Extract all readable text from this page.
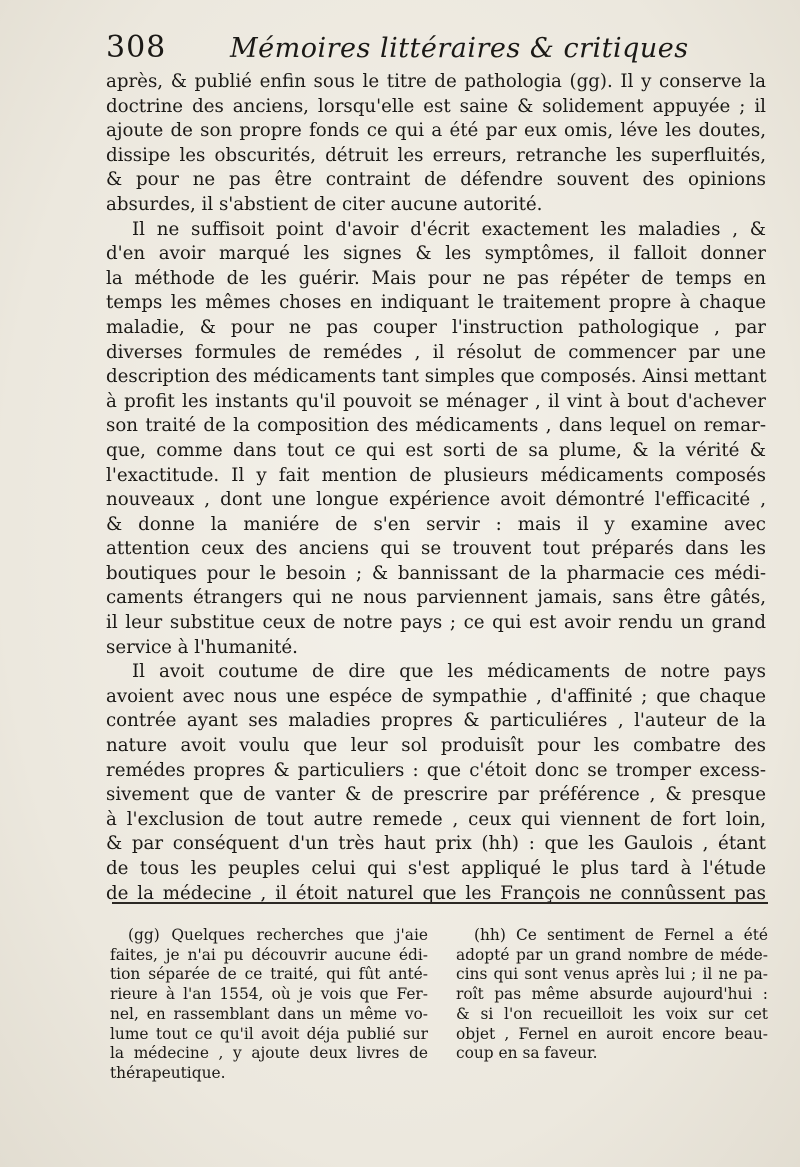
308 Mémoires littéraires & critiques
après, & publié enfin sous le titre de pathologia (gg). Il y conserve la
doctrine des anciens, lorsqu'elle est saine & solidement appuyée ; il
ajoute de son propre fonds ce qui a été par eux omis, léve les doutes,
dissipe les obscurités, détruit les erreurs, retranche les superfluités,
& pour ne pas être contraint de défendre souvent des opinions
absurdes, il s'abstient de citer aucune autorité.
Il ne suffisoit point d'avoir d'écrit exactement les maladies , &
d'en avoir marqué les signes & les symptômes, il falloit donner
la méthode de les guérir. Mais pour ne pas répéter de temps en
temps les mêmes choses en indiquant le traitement propre à chaque
maladie, & pour ne pas couper l'instruction pathologique , par
diverses formules de remédes , il résolut de commencer par une
description des médicaments tant simples que composés. Ainsi mettant
à profit les instants qu'il pouvoit se ménager , il vint à bout d'achever
son traité de la composition des médicaments , dans lequel on remar-
que, comme dans tout ce qui est sorti de sa plume, & la vérité &
l'exactitude. Il y fait mention de plusieurs médicaments composés
nouveaux , dont une longue expérience avoit démontré l'efficacité ,
& donne la maniére de s'en servir : mais il y examine avec
attention ceux des anciens qui se trouvent tout préparés dans les
boutiques pour le besoin ; & bannissant de la pharmacie ces médi-
caments étrangers qui ne nous parviennent jamais, sans être gâtés,
il leur substitue ceux de notre pays ; ce qui est avoir rendu un grand
service à l'humanité.
Il avoit coutume de dire que les médicaments de notre pays
avoient avec nous une espéce de sympathie , d'affinité ; que chaque
contrée ayant ses maladies propres & particuliéres , l'auteur de la
nature avoit voulu que leur sol produisît pour les combatre des
remédes propres & particuliers : que c'étoit donc se tromper excess-
sivement que de vanter & de prescrire par préférence , & presque
à l'exclusion de tout autre remede , ceux qui viennent de fort loin,
& par conséquent d'un très haut prix (hh) : que les Gaulois , étant
de tous les peuples celui qui s'est appliqué le plus tard à l'étude
de la médecine , il étoit naturel que les François ne connûssent pas
(gg) Quelques recherches que j'aie
faites, je n'ai pu découvrir aucune édi-
tion séparée de ce traité, qui fût anté-
rieure à l'an 1554, où je vois que Fer-
nel, en rassemblant dans un même vo-
lume tout ce qu'il avoit déja publié sur
la médecine , y ajoute deux livres de
thérapeutique.
(hh) Ce sentiment de Fernel a été
adopté par un grand nombre de méde-
cins qui sont venus après lui ; il ne pa-
roît pas même absurde aujourd'hui :
& si l'on recueilloit les voix sur cet
objet , Fernel en auroit encore beau-
coup en sa faveur.
